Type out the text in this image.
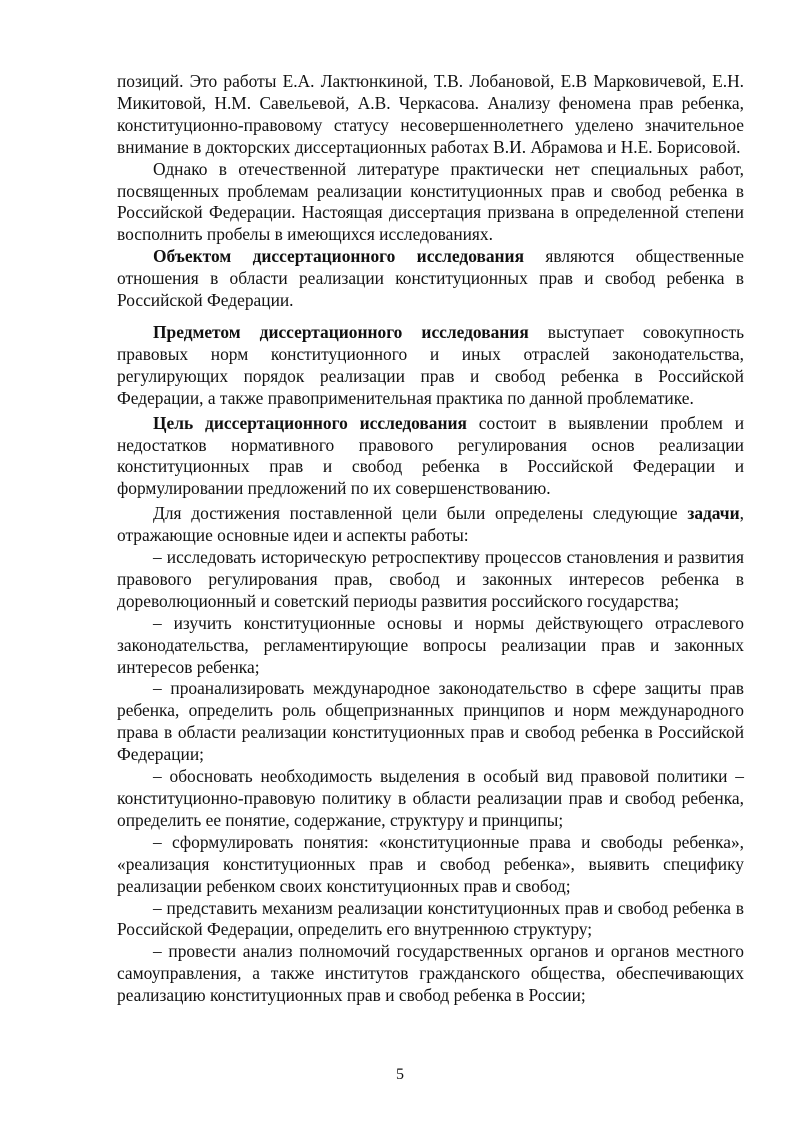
позиций. Это работы Е.А. Лактюнкиной, Т.В. Лобановой, Е.В Марковичевой, Е.Н. Микитовой, Н.М. Савельевой, А.В. Черкасова. Анализу феномена прав ребенка, конституционно-правовому статусу несовершеннолетнего уделено значительное внимание в докторских диссертационных работах В.И. Абрамова и Н.Е. Борисовой.

Однако в отечественной литературе практически нет специальных работ, посвященных проблемам реализации конституционных прав и свобод ребенка в Российской Федерации. Настоящая диссертация призвана в определенной степени восполнить пробелы в имеющихся исследованиях.

Объектом диссертационного исследования являются общественные отношения в области реализации конституционных прав и свобод ребенка в Российской Федерации.

Предметом диссертационного исследования выступает совокупность правовых норм конституционного и иных отраслей законодательства, регулирующих порядок реализации прав и свобод ребенка в Российской Федерации, а также правоприменительная практика по данной проблематике.

Цель диссертационного исследования состоит в выявлении проблем и недостатков нормативного правового регулирования основ реализации конституционных прав и свобод ребенка в Российской Федерации и формулировании предложений по их совершенствованию.

Для достижения поставленной цели были определены следующие задачи, отражающие основные идеи и аспекты работы:

– исследовать историческую ретроспективу процессов становления и развития правового регулирования прав, свобод и законных интересов ребенка в дореволюционный и советский периоды развития российского государства;

– изучить конституционные основы и нормы действующего отраслевого законодательства, регламентирующие вопросы реализации прав и законных интересов ребенка;

– проанализировать международное законодательство в сфере защиты прав ребенка, определить роль общепризнанных принципов и норм международного права в области реализации конституционных прав и свобод ребенка в Российской Федерации;

– обосновать необходимость выделения в особый вид правовой политики – конституционно-правовую политику в области реализации прав и свобод ребенка, определить ее понятие, содержание, структуру и принципы;

– сформулировать понятия: «конституционные права и свободы ребенка», «реализация конституционных прав и свобод ребенка», выявить специфику реализации ребенком своих конституционных прав и свобод;

– представить механизм реализации конституционных прав и свобод ребенка в Российской Федерации, определить его внутреннюю структуру;

– провести анализ полномочий государственных органов и органов местного самоуправления, а также институтов гражданского общества, обеспечивающих реализацию конституционных прав и свобод ребенка в России;

5
